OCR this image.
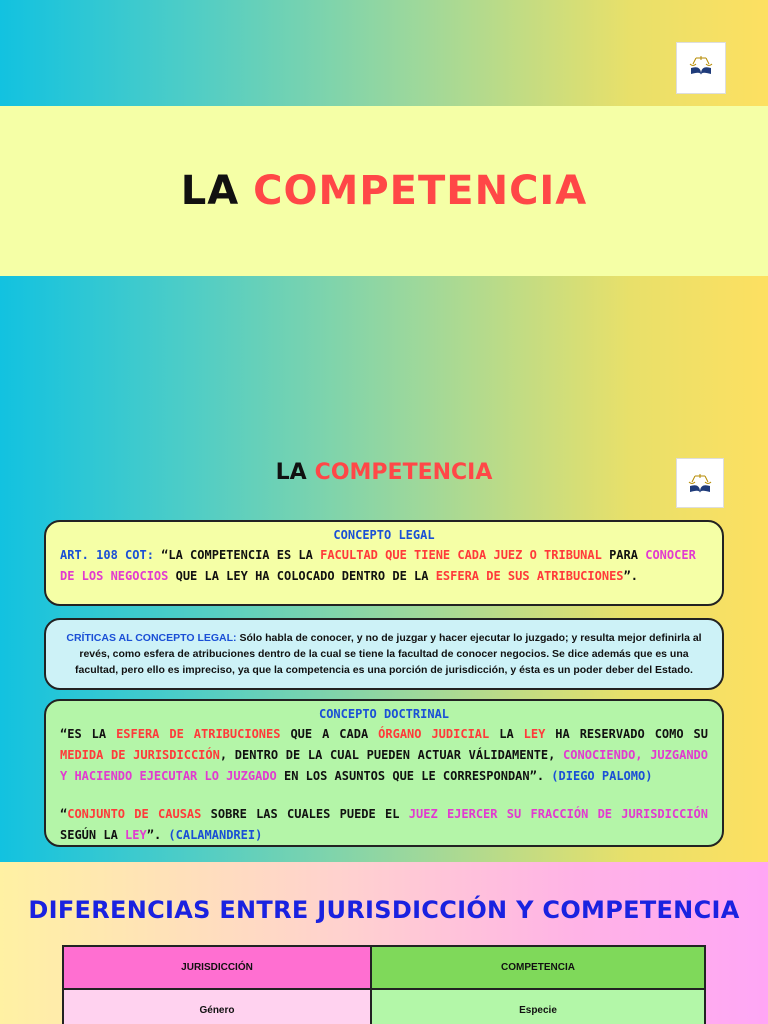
LA COMPETENCIA

LA COMPETENCIA
CONCEPTO LEGAL
ART. 108 COT: “LA COMPETENCIA ES LA FACULTAD QUE TIENE CADA JUEZ O TRIBUNAL PARA CONOCER DE LOS NEGOCIOS QUE LA LEY HA COLOCADO DENTRO DE LA ESFERA DE SUS ATRIBUCIONES”.
CRÍTICAS AL CONCEPTO LEGAL: Sólo habla de conocer, y no de juzgar y hacer ejecutar lo juzgado; y resulta mejor definirla al revés, como esfera de atribuciones dentro de la cual se tiene la facultad de conocer negocios. Se dice además que es una facultad, pero ello es impreciso, ya que la competencia es una porción de jurisdicción, y ésta es un poder deber del Estado.
CONCEPTO DOCTRINAL
“ES LA ESFERA DE ATRIBUCIONES QUE A CADA ÓRGANO JUDICIAL LA LEY HA RESERVADO COMO SU MEDIDA DE JURISDICCIÓN, DENTRO DE LA CUAL PUEDEN ACTUAR VÁLIDAMENTE, CONOCIENDO, JUZGANDO Y HACIENDO EJECUTAR LO JUZGADO EN LOS ASUNTOS QUE LE CORRESPONDAN”. (DIEGO PALOMO)
“CONJUNTO DE CAUSAS SOBRE LAS CUALES PUEDE EL JUEZ EJERCER SU FRACCIÓN DE JURISDICCIÓN SEGÚN LA LEY”. (CALAMANDREI)
DIFERENCIAS ENTRE JURISDICCIÓN Y COMPETENCIA
JURISDICCIÓN	COMPETENCIA
Género	Especie
